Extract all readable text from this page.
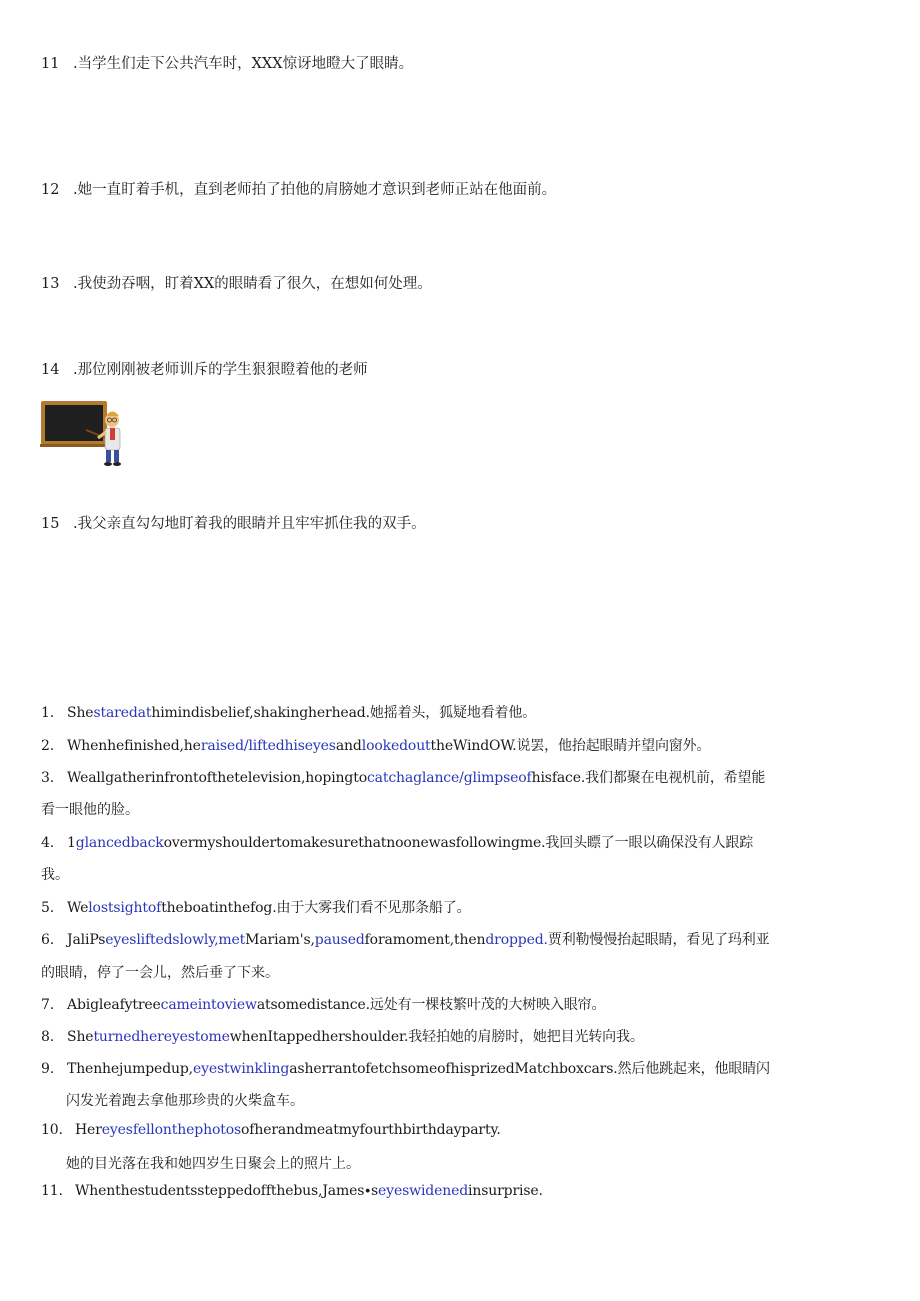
11 .当学生们走下公共汽车时，XXX惊讶地瞪大了眼睛。
12 .她一直盯着手机，直到老师拍了拍他的肩膀她才意识到老师正站在他面前。
13 .我使劲吞咽，盯着XX的眼睛看了很久，在想如何处理。
14 .那位刚刚被老师训斥的学生狠狠瞪着他的老师
15 .我父亲直勾勾地盯着我的眼睛并且牢牢抓住我的双手。
1. Shestaredathimindisbelief,shakingherhead.她摇着头，狐疑地看着他。
2. Whenhefinished,heraised/liftedhiseyesandlookedouttheWindOW.说罢，他抬起眼睛并望向窗外。
3. Weallgatherinfrontofthetelevision,hopingtocatchaglance/glimpseofhisface.我们都聚在电视机前，希望能
看一眼他的脸。
4. 1glancedbackovermyshouldertomakesurethatnoonewasfollowingme.我回头瞟了一眼以确保没有人跟踪
我。
5. Welostsightoftheboatinthefog.由于大雾我们看不见那条船了。
6. JaliPseyesliftedslowly,metMariam's,pausedforamoment,thendropped.贾利勒慢慢抬起眼睛，看见了玛利亚
的眼睛，停了一会儿，然后垂了下来。
7. Abigleafytreecameintoviewatsomedistance.远处有一棵枝繁叶茂的大树映入眼帘。
8. SheturnedhereyestomewhenItappedhershoulder.我轻拍她的肩膀时，她把目光转向我。
9. Thenhejumpedup,eyestwinklingasherrantofetchsomeofhisprizedMatchboxcars.然后他跳起来，他眼睛闪
闪发光着跑去拿他那珍贵的火柴盒车。
10. Hereyesfellonthephotosofherandmeatmyfourthbirthdayparty.
她的目光落在我和她四岁生日聚会上的照片上。
11. Whenthestudentssteppedoffthebus,James∙seyeswidenedinsurprise.
